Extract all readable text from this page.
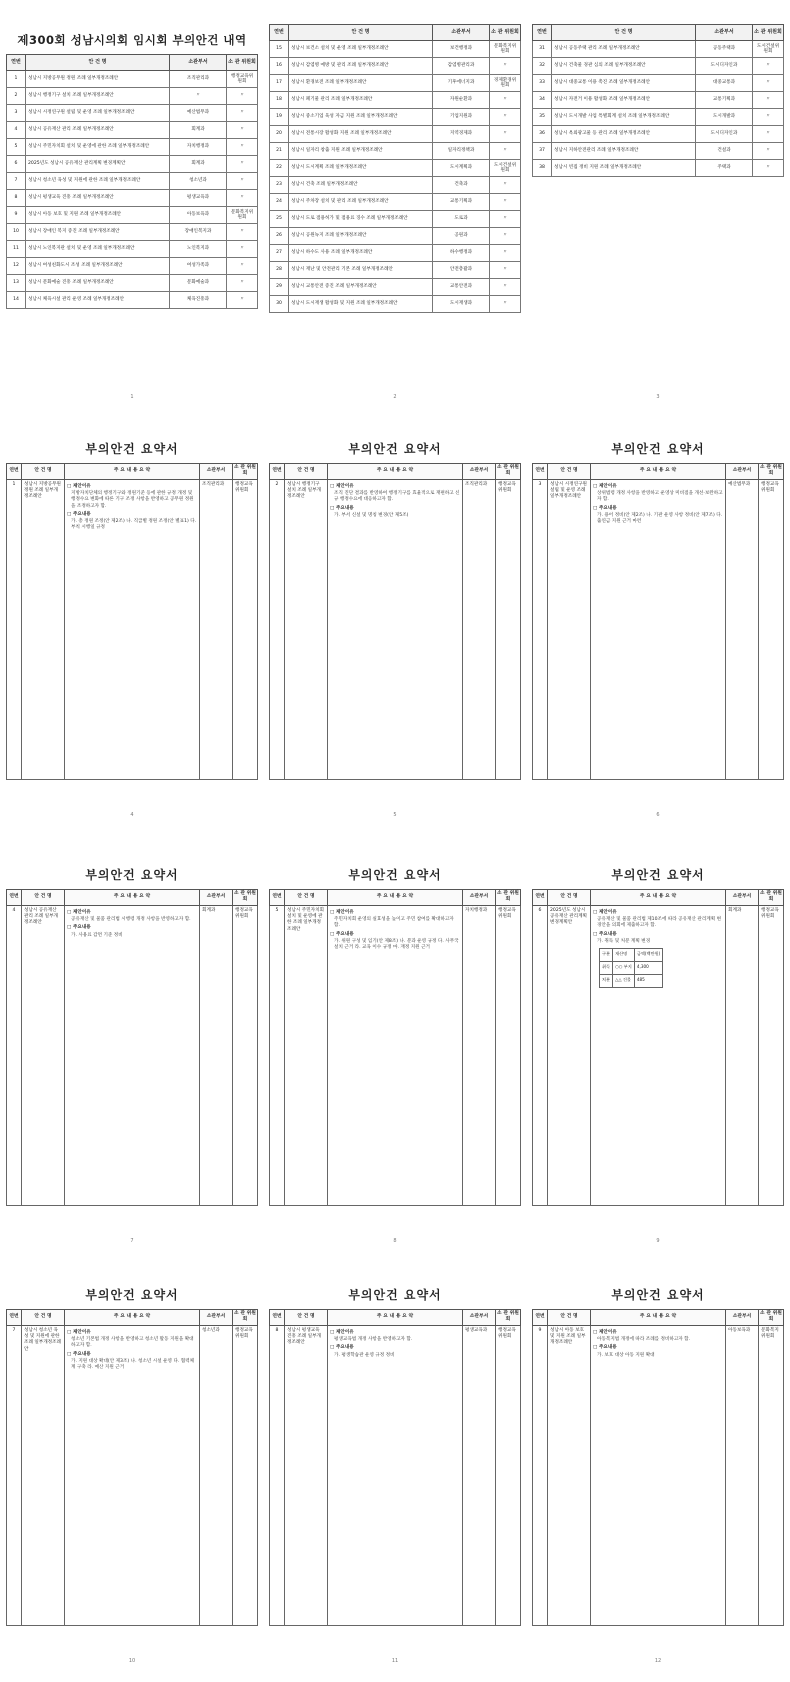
제300회 성남시의회 임시회 부의안건 내역
연번	안 건 명	소관부서	소 관 위원회
1	성남시 지방공무원 정원 조례 일부개정조례안	조직관리과	행정교육위원회
2	성남시 행정기구 설치 조례 일부개정조례안	〃	〃
3	성남시 시정연구원 설립 및 운영 조례 일부개정조례안	예산법무과	〃
4	성남시 공유재산 관리 조례 일부개정조례안	회계과	〃
5	성남시 주민자치회 설치 및 운영에 관한 조례 일부개정조례안	자치행정과	〃
6	2025년도 성남시 공유재산 관리계획 변경계획안	회계과	〃
7	성남시 청소년 육성 및 지원에 관한 조례 일부개정조례안	청소년과	〃
8	성남시 평생교육 진흥 조례 일부개정조례안	평생교육과	〃
9	성남시 아동 보호 및 지원 조례 일부개정조례안	아동보육과	문화복지위원회
10	성남시 장애인 복지 증진 조례 일부개정조례안	장애인복지과	〃
11	성남시 노인복지관 설치 및 운영 조례 일부개정조례안	노인복지과	〃
12	성남시 여성친화도시 조성 조례 일부개정조례안	여성가족과	〃
13	성남시 문화예술 진흥 조례 일부개정조례안	문화예술과	〃
14	성남시 체육시설 관리 운영 조례 일부개정조례안	체육진흥과	〃
1
연번	안 건 명	소관부서	소 관 위원회
15	성남시 보건소 설치 및 운영 조례 일부개정조례안	보건행정과	문화복지위원회
16	성남시 감염병 예방 및 관리 조례 일부개정조례안	감염병관리과	〃
17	성남시 환경보전 조례 일부개정조례안	기후에너지과	경제환경위원회
18	성남시 폐기물 관리 조례 일부개정조례안	자원순환과	〃
19	성남시 중소기업 육성 자금 지원 조례 일부개정조례안	기업지원과	〃
20	성남시 전통시장 활성화 지원 조례 일부개정조례안	지역경제과	〃
21	성남시 일자리 창출 지원 조례 일부개정조례안	일자리정책과	〃
22	성남시 도시계획 조례 일부개정조례안	도시계획과	도시건설위원회
23	성남시 건축 조례 일부개정조례안	건축과	〃
24	성남시 주차장 설치 및 관리 조례 일부개정조례안	교통기획과	〃
25	성남시 도로 점용허가 및 점용료 징수 조례 일부개정조례안	도로과	〃
26	성남시 공원녹지 조례 일부개정조례안	공원과	〃
27	성남시 하수도 사용 조례 일부개정조례안	하수행정과	〃
28	성남시 재난 및 안전관리 기본 조례 일부개정조례안	안전총괄과	〃
29	성남시 교통안전 증진 조례 일부개정조례안	교통안전과	〃
30	성남시 도시재생 활성화 및 지원 조례 일부개정조례안	도시재생과	〃
2
연번	안 건 명	소관부서	소 관 위원회
31	성남시 공동주택 관리 조례 일부개정조례안	공동주택과	도시건설위원회
32	성남시 건축물 경관 심의 조례 일부개정조례안	도시디자인과	〃
33	성남시 대중교통 이용 촉진 조례 일부개정조례안	대중교통과	〃
34	성남시 자전거 이용 활성화 조례 일부개정조례안	교통기획과	〃
35	성남시 도시개발 사업 특별회계 설치 조례 일부개정조례안	도시개발과	〃
36	성남시 옥외광고물 등 관리 조례 일부개정조례안	도시디자인과	〃
37	성남시 지하안전관리 조례 일부개정조례안	건설과	〃
38	성남시 빈집 정비 지원 조례 일부개정조례안	주택과	〃
3
부의안건 요약서
연번	안 건 명	주 요 내 용 요 약	소관부서	소 관 위원회
1	성남시 지방공무원 정원 조례 일부개정조례안	□ 제안이유
지방자치단체의 행정기구와 정원기준 등에 관한 규정 개정 및 행정수요 변화에 따른 기구 조정 사항을 반영하고 공무원 정원을 조정하고자 함.
□ 주요내용
가. 총 정원 조정(안 제2조) 나. 직급별 정원 조정(안 별표1) 다. 부칙 시행일 규정	조직관리과	행정교육위원회
4
부의안건 요약서
연번	안 건 명	주 요 내 용 요 약	소관부서	소 관 위원회
2	성남시 행정기구 설치 조례 일부개정조례안	□ 제안이유
조직 진단 결과를 반영하여 행정기구를 효율적으로 재편하고 신규 행정수요에 대응하고자 함.
□ 주요내용
가. 부서 신설 및 명칭 변경(안 제5조)	조직관리과	행정교육위원회
5
부의안건 요약서
연번	안 건 명	주 요 내 용 요 약	소관부서	소 관 위원회
3	성남시 시정연구원 설립 및 운영 조례 일부개정조례안	□ 제안이유
상위법령 개정 사항을 반영하고 운영상 미비점을 개선·보완하고자 함.
□ 주요내용
가. 용어 정비(안 제2조) 나. 기관 운영 사항 정비(안 제7조) 다. 출연금 지원 근거 마련	예산법무과	행정교육위원회
6
부의안건 요약서
연번	안 건 명	주 요 내 용 요 약	소관부서	소 관 위원회
4	성남시 공유재산 관리 조례 일부개정조례안	□ 제안이유
공유재산 및 물품 관리법 시행령 개정 사항을 반영하고자 함.
□ 주요내용
가. 사용료 감면 기준 정비	회계과	행정교육위원회
7
부의안건 요약서
연번	안 건 명	주 요 내 용 요 약	소관부서	소 관 위원회
5	성남시 주민자치회 설치 및 운영에 관한 조례 일부개정조례안	□ 제안이유
주민자치회 운영의 실효성을 높이고 주민 참여를 확대하고자 함.
□ 주요내용
가. 위원 구성 및 임기(안 제8조) 나. 분과 운영 규정 다. 사무국 설치 근거 라. 교육 이수 규정 마. 재정 지원 근거	자치행정과	행정교육위원회
8
부의안건 요약서
연번	안 건 명	주 요 내 용 요 약	소관부서	소 관 위원회
6	2025년도 성남시 공유재산 관리계획 변경계획안	
□ 제안이유
공유재산 및 물품 관리법 제10조에 따라 공유재산 관리계획 변경안을 의회에 제출하고자 함.
□ 주요내용
가. 취득 및 처분 계획 변경
구분	재산명	금액(백만원)
취득	○○ 부지	4,300
처분	△△ 건물	485
	회계과	행정교육위원회
9
부의안건 요약서
연번	안 건 명	주 요 내 용 요 약	소관부서	소 관 위원회
7	성남시 청소년 육성 및 지원에 관한 조례 일부개정조례안	□ 제안이유
청소년 기본법 개정 사항을 반영하고 청소년 활동 지원을 확대하고자 함.
□ 주요내용
가. 지원 대상 확대(안 제3조) 나. 청소년 시설 운영 다. 협력체계 구축 라. 예산 지원 근거	청소년과	행정교육위원회
10
부의안건 요약서
연번	안 건 명	주 요 내 용 요 약	소관부서	소 관 위원회
8	성남시 평생교육 진흥 조례 일부개정조례안	□ 제안이유
평생교육법 개정 사항을 반영하고자 함.
□ 주요내용
가. 평생학습관 운영 규정 정비	평생교육과	행정교육위원회
11
부의안건 요약서
연번	안 건 명	주 요 내 용 요 약	소관부서	소 관 위원회
9	성남시 아동 보호 및 지원 조례 일부개정조례안	□ 제안이유
아동복지법 개정에 따라 조례를 정비하고자 함.
□ 주요내용
가. 보호 대상 아동 지원 확대	아동보육과	문화복지위원회
12
